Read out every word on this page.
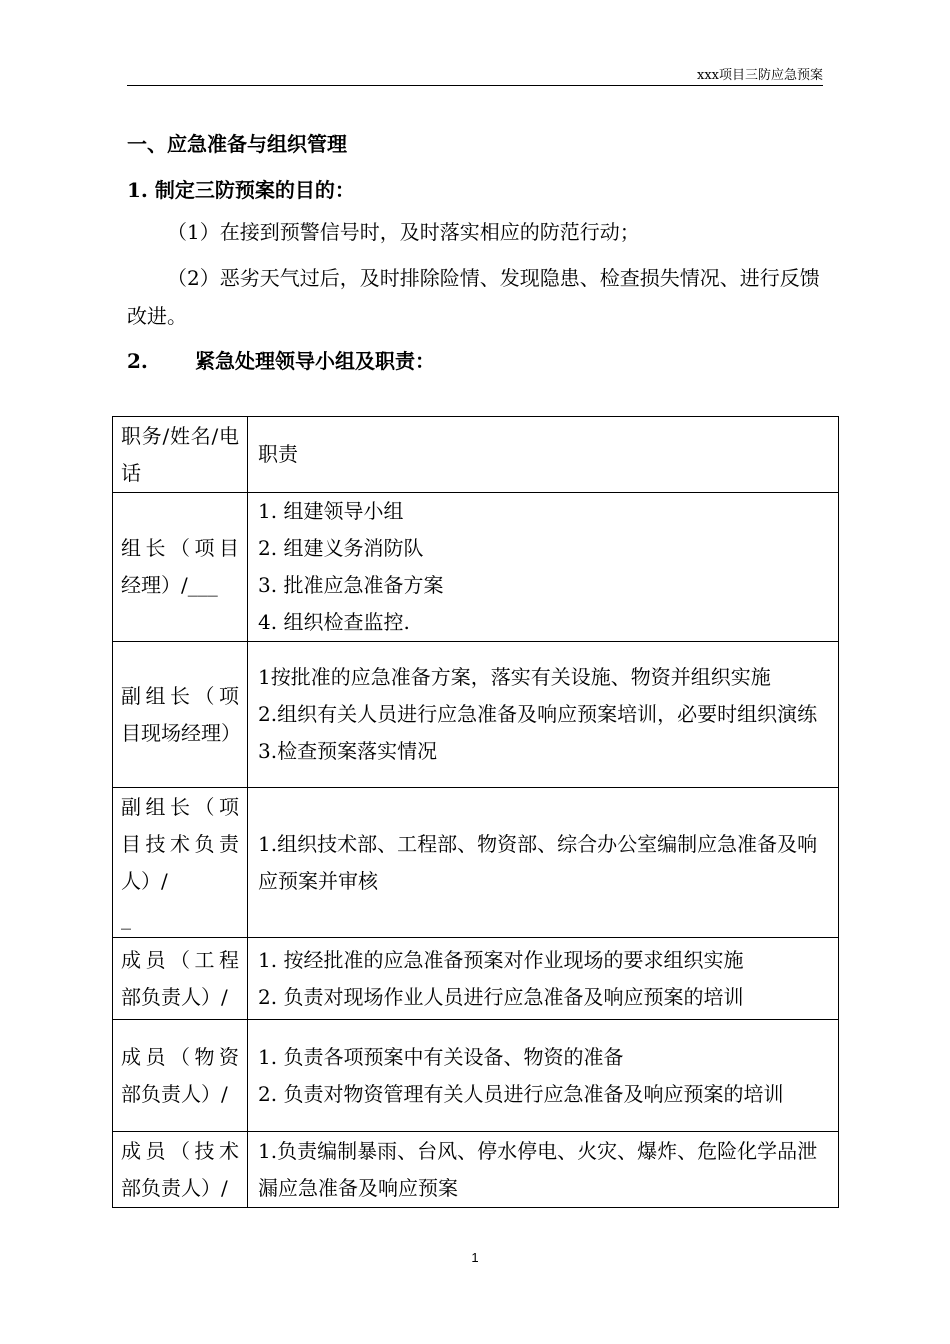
xxx项目三防应急预案
一、应急准备与组织管理
1. 制定三防预案的目的：
（1）在接到预警信号时，及时落实相应的防范行动；
（2）恶劣天气过后，及时排除险情、发现隐患、检查损失情况、进行反馈改进。
2. 紧急处理领导小组及职责：
职务/姓名/电话	职责
组长（项目经理）/___	1. 组建领导小组
2. 组建义务消防队
3. 批准应急准备方案
4. 组织检查监控.

副组长（项目现场经理）	1按批准的应急准备方案，落实有关设施、物资并组织实施
2.组织有关人员进行应急准备及响应预案培训，必要时组织演练
3.检查预案落实情况

副组长（项目技术负责人）/
_	1.组织技术部、工程部、物资部、综合办公室编制应急准备及响应预案并审核

成员（工程部负责人）/	1. 按经批准的应急准备预案对作业现场的要求组织实施
2. 负责对现场作业人员进行应急准备及响应预案的培训

成员（物资部负责人）/	1. 负责各项预案中有关设备、物资的准备
2. 负责对物资管理有关人员进行应急准备及响应预案的培训

成员（技术部负责人）/	1.负责编制暴雨、台风、停水停电、火灾、爆炸、危险化学品泄漏应急准备及响应预案
1
